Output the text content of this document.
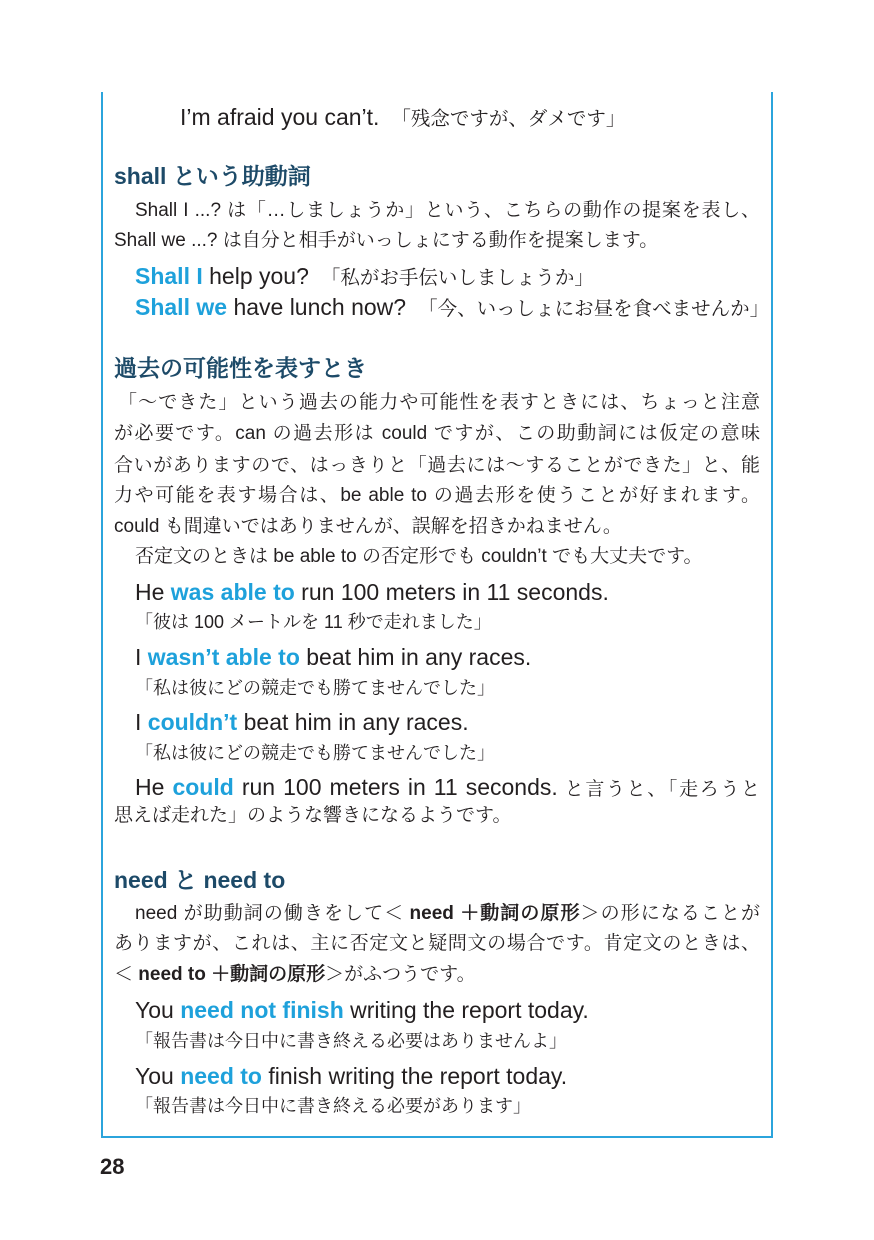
I’m afraid you can’t. 「残念ですが、ダメです」
shall という助動詞
Shall I ...? は「…しましょうか」という、こちらの動作の提案を表し、
Shall we ...? は自分と相手がいっしょにする動作を提案します。
Shall I help you? 「私がお手伝いしましょうか」
Shall we have lunch now? 「今、いっしょにお昼を食べませんか」
過去の可能性を表すとき
「～できた」という過去の能力や可能性を表すときには、ちょっと注意
が必要です。can の過去形は could ですが、この助動詞には仮定の意味
合いがありますので、はっきりと「過去には～することができた」と、能
力や可能を表す場合は、be able to の過去形を使うことが好まれます。
could も間違いではありませんが、誤解を招きかねません。
否定文のときは be able to の否定形でも couldn’t でも大丈夫です。
He was able to run 100 meters in 11 seconds.
「彼は 100 メートルを 11 秒で走れました」
I wasn’t able to beat him in any races.
「私は彼にどの競走でも勝てませんでした」
I couldn’t beat him in any races.
「私は彼にどの競走でも勝てませんでした」
He could run 100 meters in 11 seconds. と言うと、「走ろうと
思えば走れた」のような響きになるようです。
need と need to
need が助動詞の働きをして＜ need ＋動詞の原形＞の形になることが
ありますが、これは、主に否定文と疑問文の場合です。肯定文のときは、
＜ need to ＋動詞の原形＞がふつうです。
You need not finish writing the report today.
「報告書は今日中に書き終える必要はありませんよ」
You need to finish writing the report today.
「報告書は今日中に書き終える必要があります」
28
